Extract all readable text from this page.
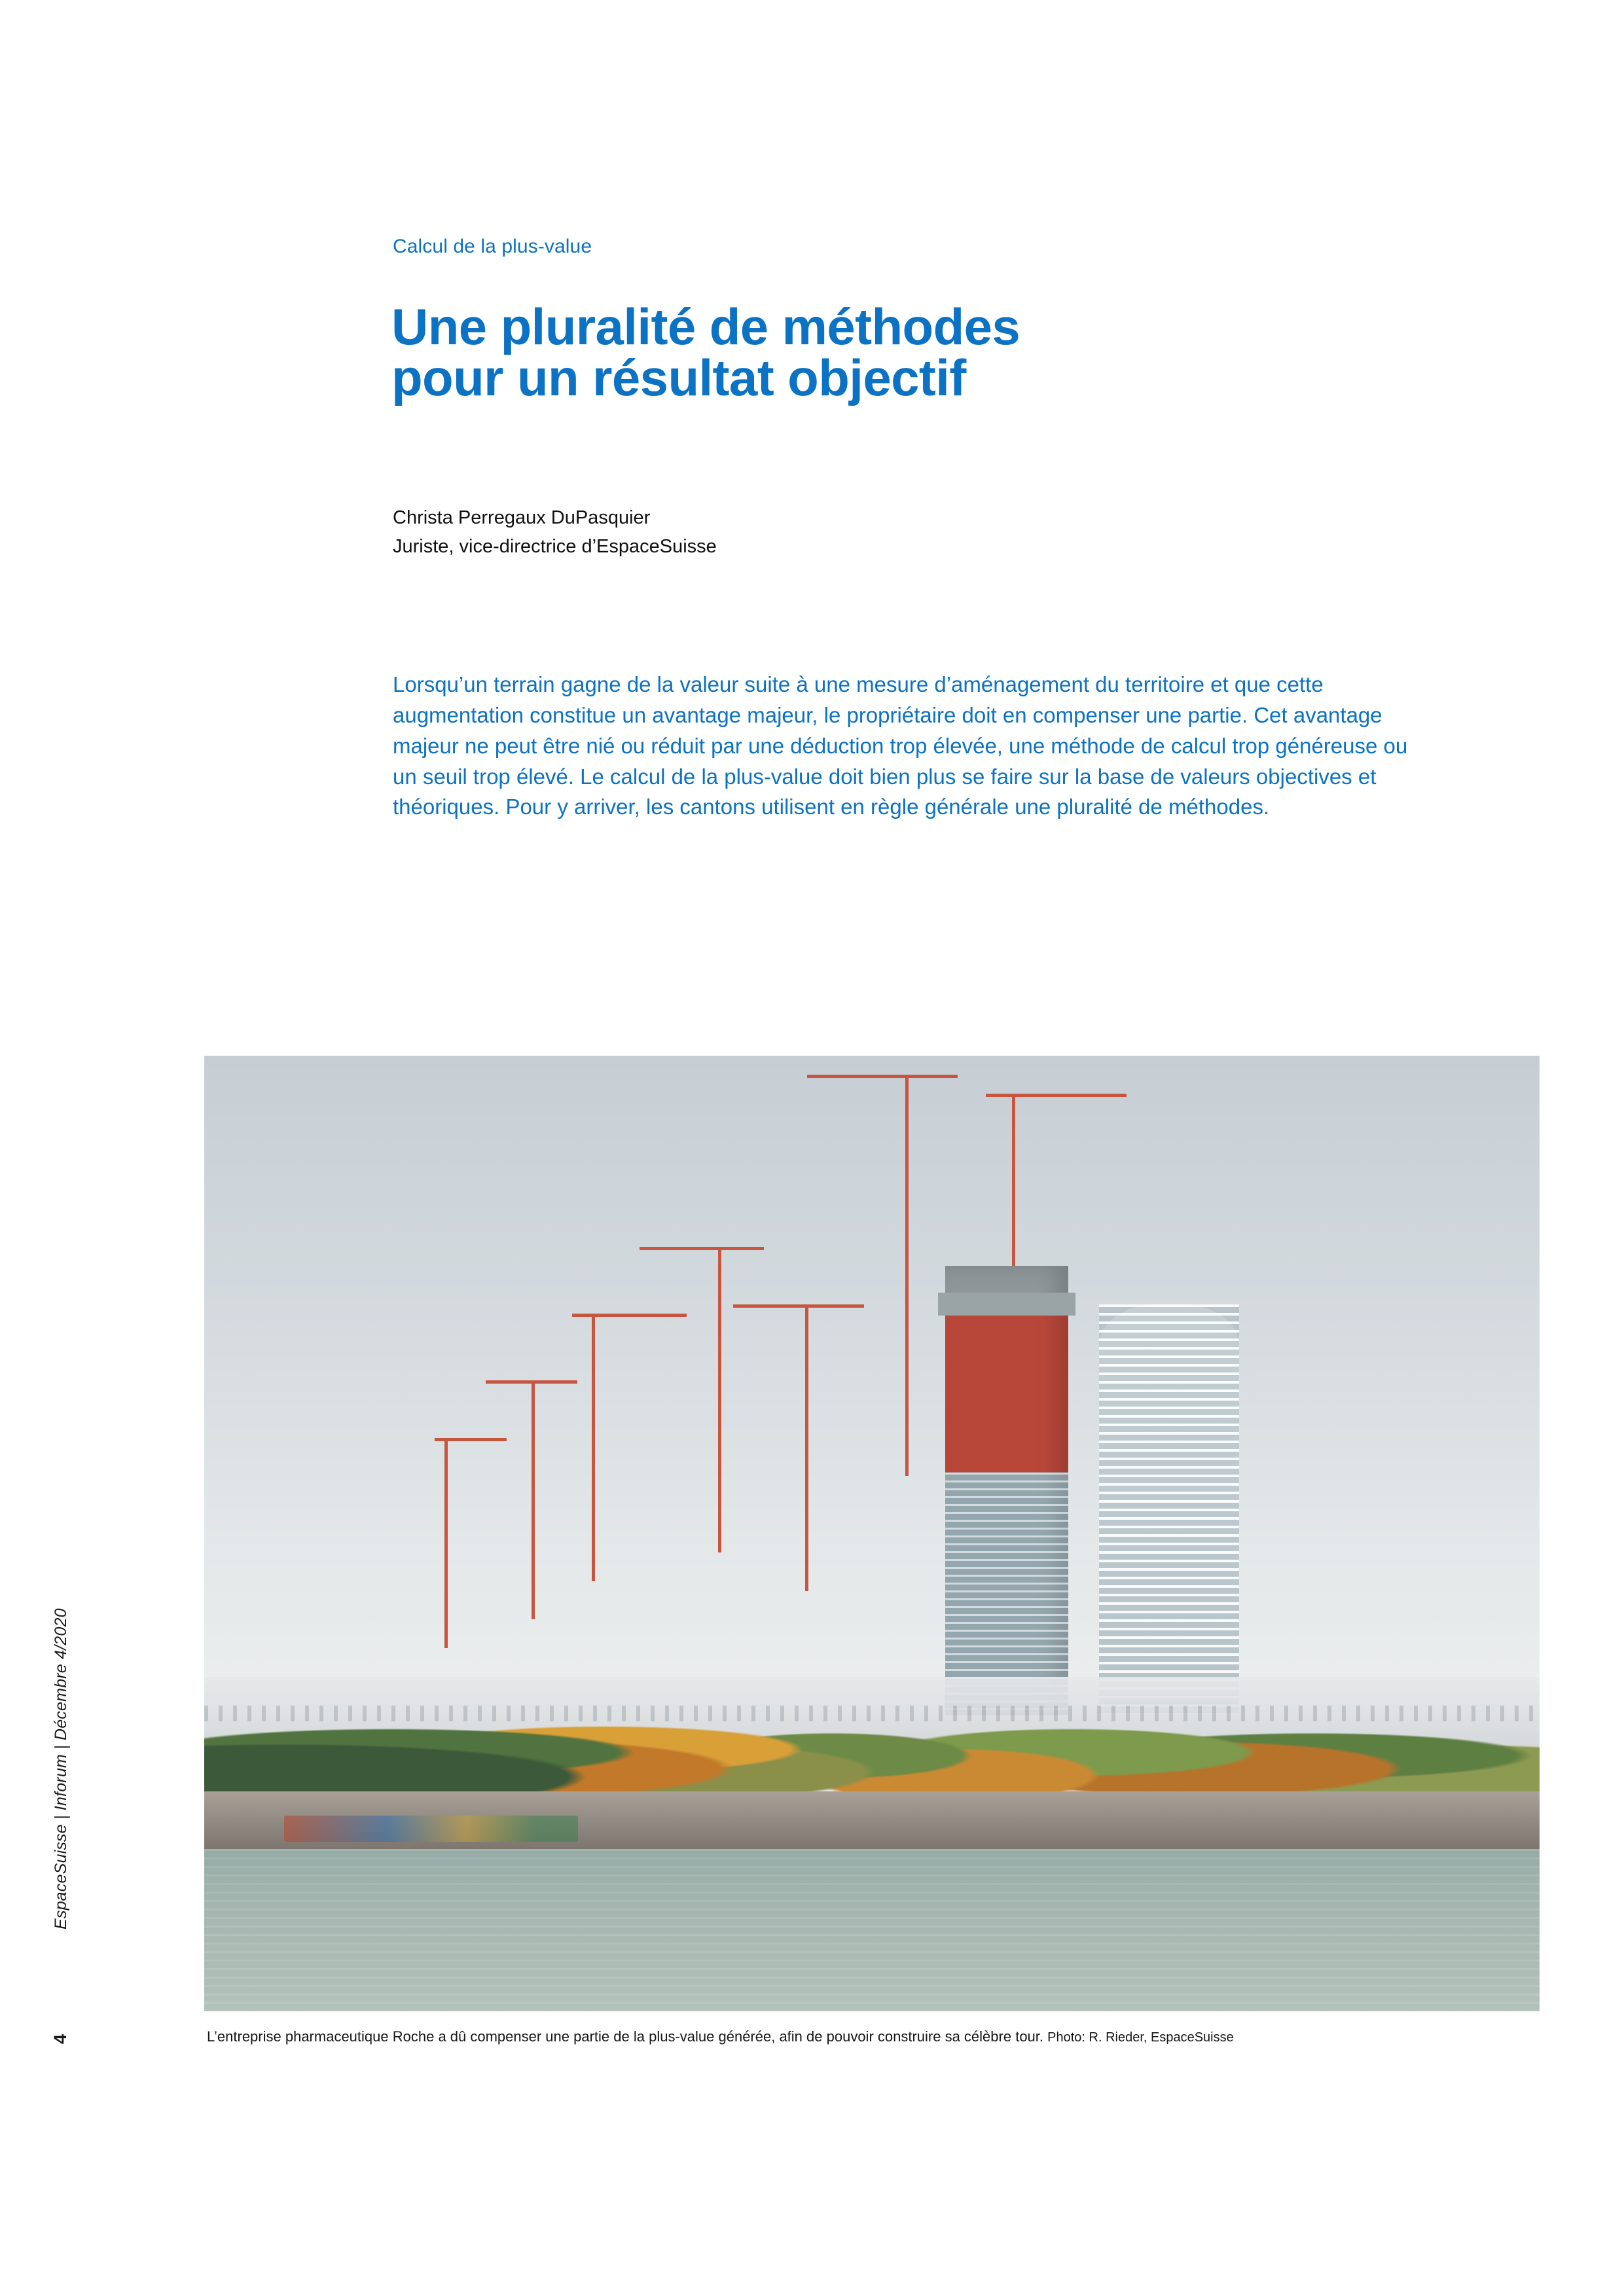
EspaceSuisse | Inforum | Décembre 4/2020
4
Calcul de la plus-value
Une pluralité de méthodes
pour un résultat objectif
Christa Perregaux DuPasquier
Juriste, vice-directrice d’EspaceSuisse

Lorsqu’un terrain gagne de la valeur suite à une mesure d’aménagement du territoire et que cette augmentation constitue un avantage majeur, le propriétaire doit en compenser une partie. Cet avantage majeur ne peut être nié ou réduit par une déduction trop élevée, une méthode de calcul trop généreuse ou un seuil trop élevé. Le calcul de la plus-value doit bien plus se faire sur la base de valeurs objectives et théoriques. Pour y arriver, les cantons utilisent en règle générale une pluralité de méthodes.

L’entreprise pharmaceutique Roche a dû compenser une partie de la plus-value générée, afin de pouvoir construire sa célèbre tour. Photo: R. Rieder, EspaceSuisse
